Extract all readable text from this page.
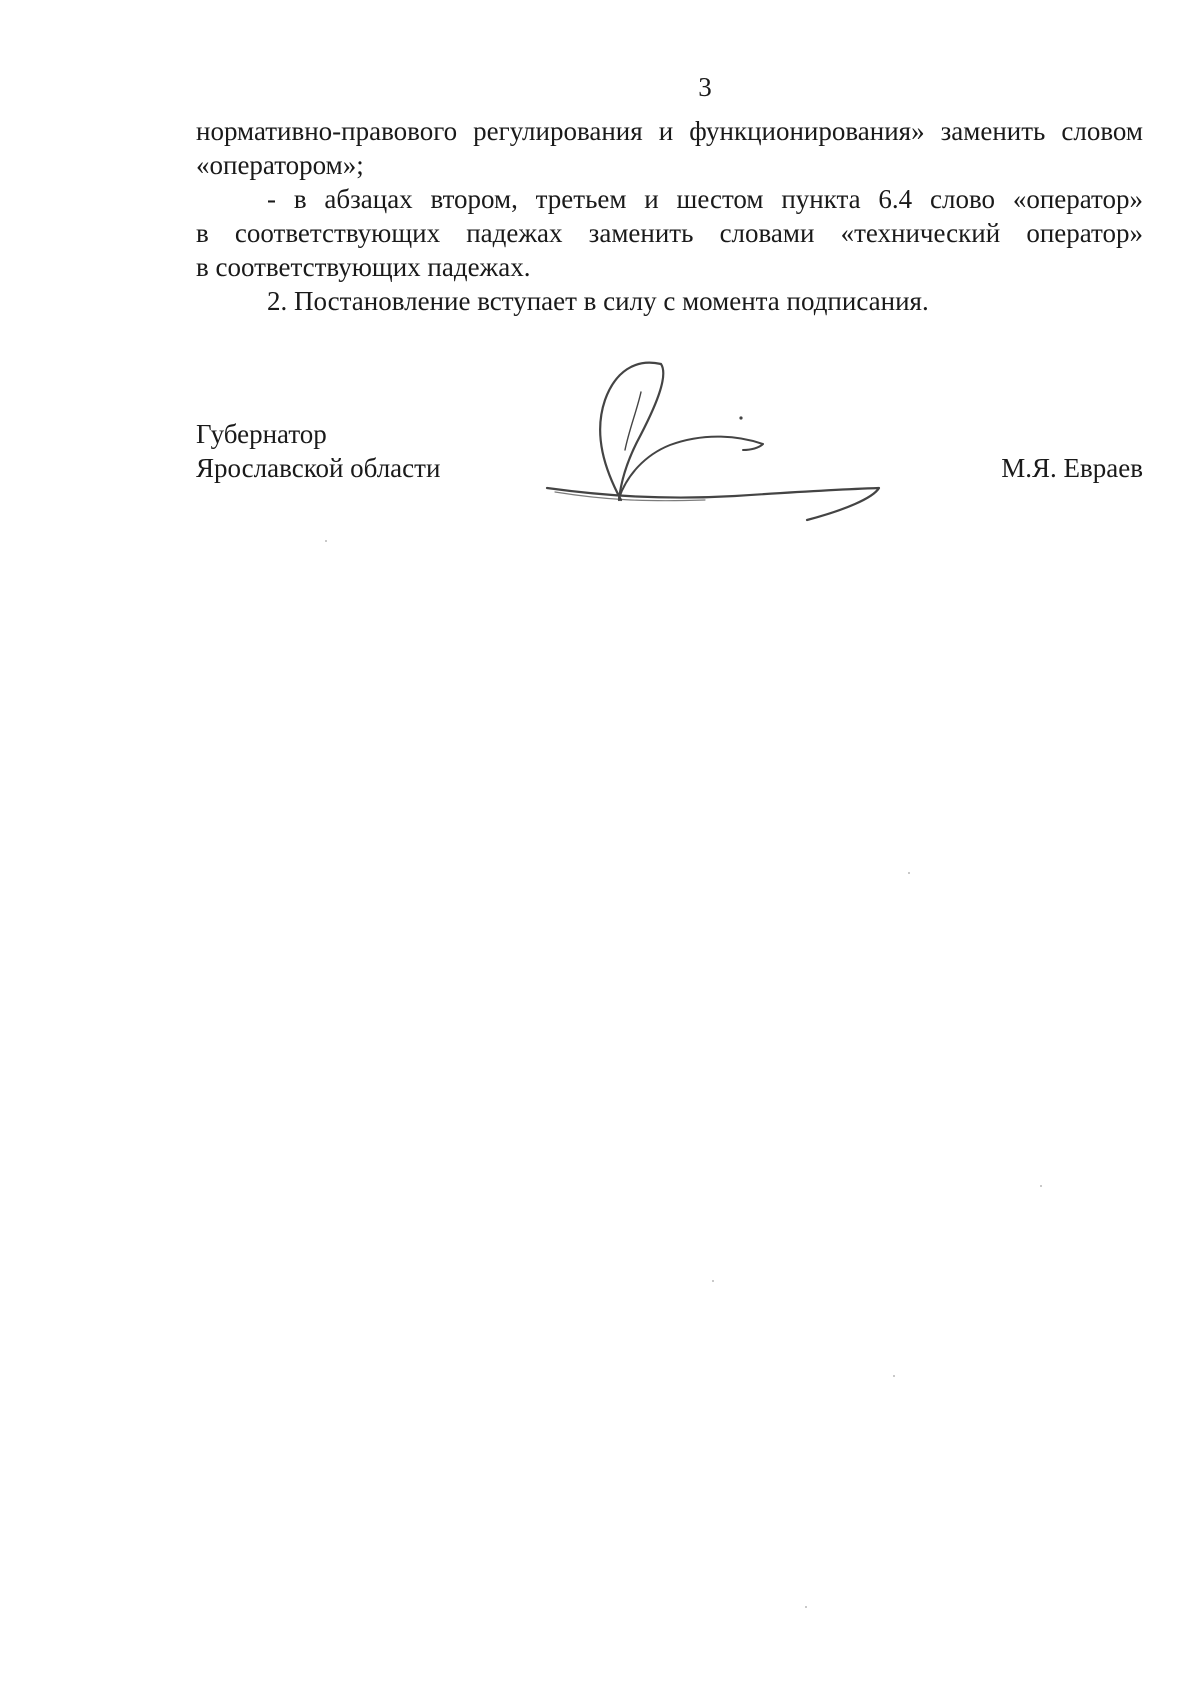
3
нормативно-правового регулирования и функционирования» заменить словом
«оператором»;
- в абзацах втором, третьем и шестом пункта 6.4 слово «оператор»
в соответствующих падежах заменить словами «технический оператор»
в соответствующих падежах.
2. Постановление вступает в силу с момента подписания.
Губернатор
Ярославской области	М.Я. Евраев
